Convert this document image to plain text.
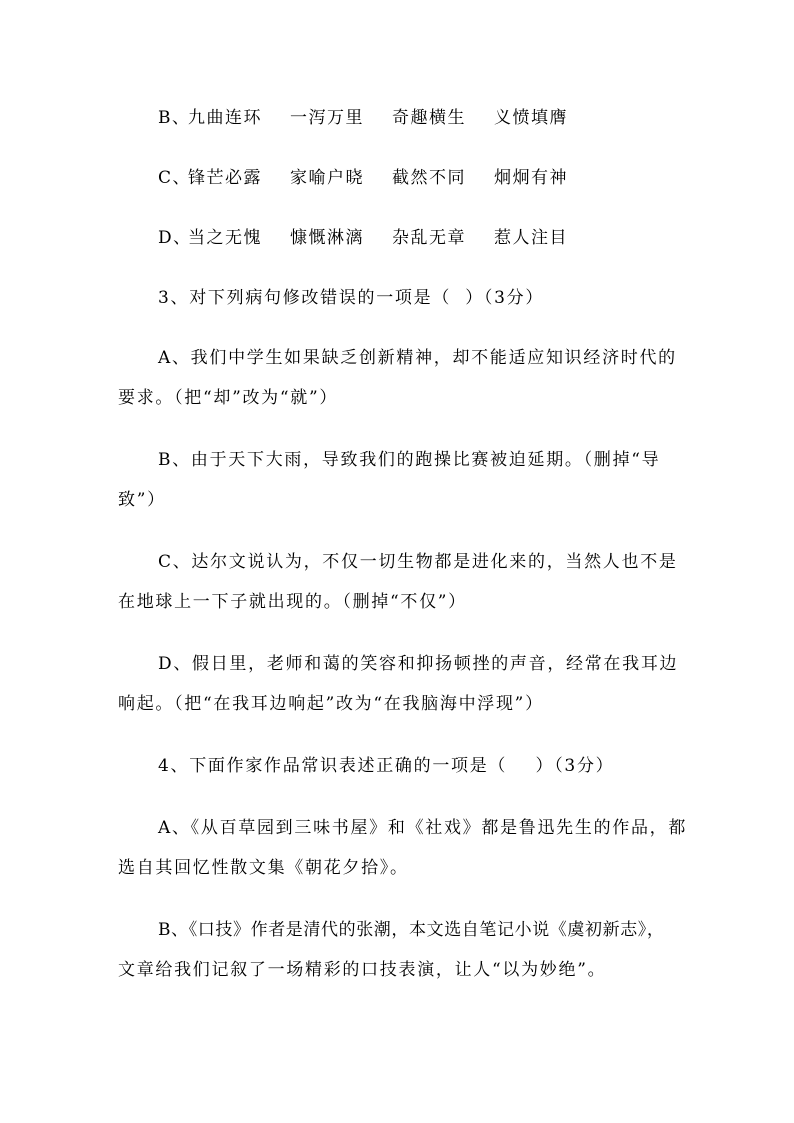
B、
九曲连环 一泻万里 奇趣横生 义愤填膺
C、
锋芒必露 家喻户晓 截然不同 炯炯有神
D、
当之无愧 慷慨淋漓 杂乱无章 惹人注目
3、对下列病句修改错误的一项是（  ）（3分）
A、我们中学生如果缺乏创新精神，却不能适应知识经济时代的
要求。（把“却”改为“就”）
B、由于天下大雨，导致我们的跑操比赛被迫延期。（删掉“导
致”）
C、达尔文说认为，不仅一切生物都是进化来的，当然人也不是
在地球上一下子就出现的。（删掉“不仅”）
D、假日里，老师和蔼的笑容和抑扬顿挫的声音，经常在我耳边
响起。（把“在我耳边响起”改为“在我脑海中浮现”）
4、下面作家作品常识表述正确的一项是（    ）（3分）
A、《从百草园到三味书屋》和《社戏》都是鲁迅先生的作品，都
选自其回忆性散文集《朝花夕拾》。
B、《口技》作者是清代的张潮，本文选自笔记小说《虞初新志》，
文章给我们记叙了一场精彩的口技表演，让人“以为妙绝”。
